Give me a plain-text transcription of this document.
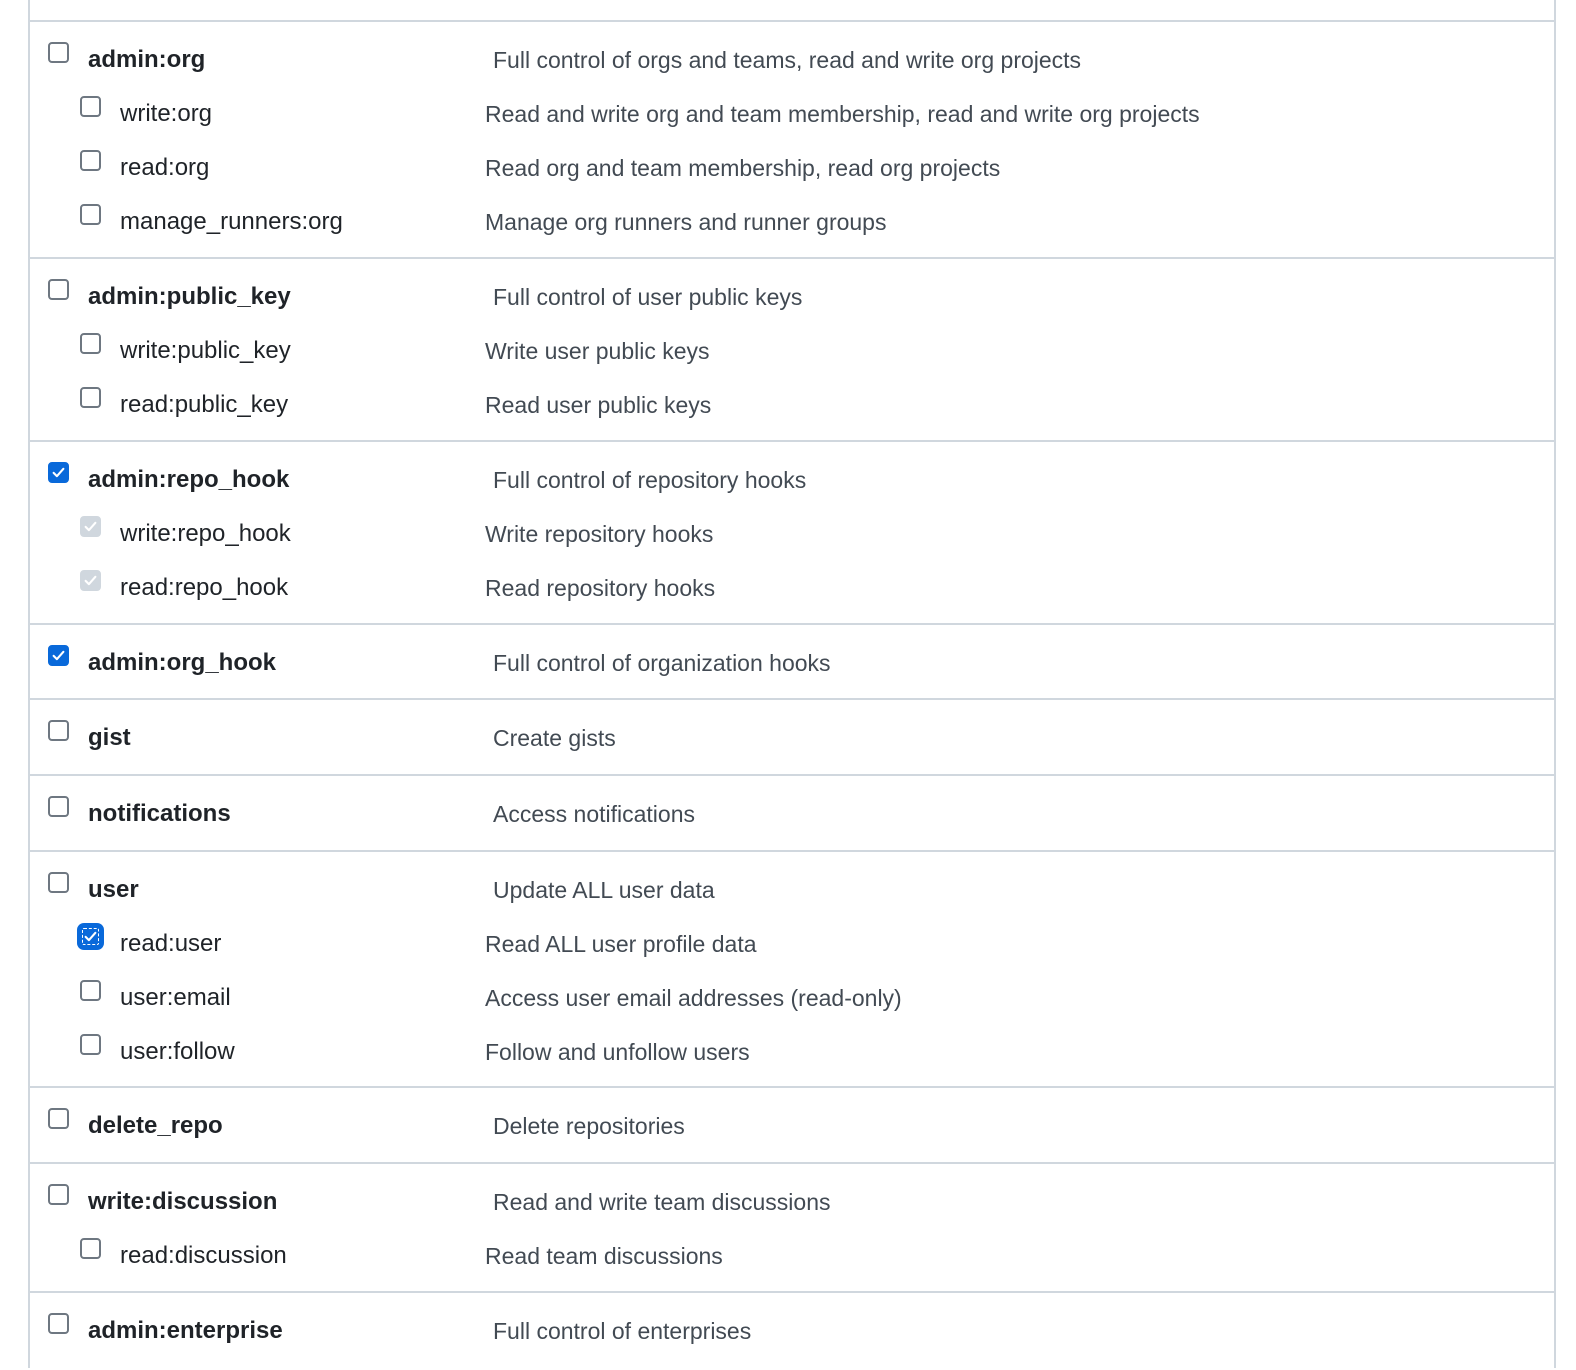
admin:org	Full control of orgs and teams, read and write org projects
write:org	Read and write org and team membership, read and write org projects
read:org	Read org and team membership, read org projects
manage_runners:org	Manage org runners and runner groups
admin:public_key	Full control of user public keys
write:public_key	Write user public keys
read:public_key	Read user public keys
admin:repo_hook	Full control of repository hooks
write:repo_hook	Write repository hooks
read:repo_hook	Read repository hooks
admin:org_hook	Full control of organization hooks
gist	Create gists
notifications	Access notifications
user	Update ALL user data
read:user	Read ALL user profile data
user:email	Access user email addresses (read-only)
user:follow	Follow and unfollow users
delete_repo	Delete repositories
write:discussion	Read and write team discussions
read:discussion	Read team discussions
admin:enterprise	Full control of enterprises
